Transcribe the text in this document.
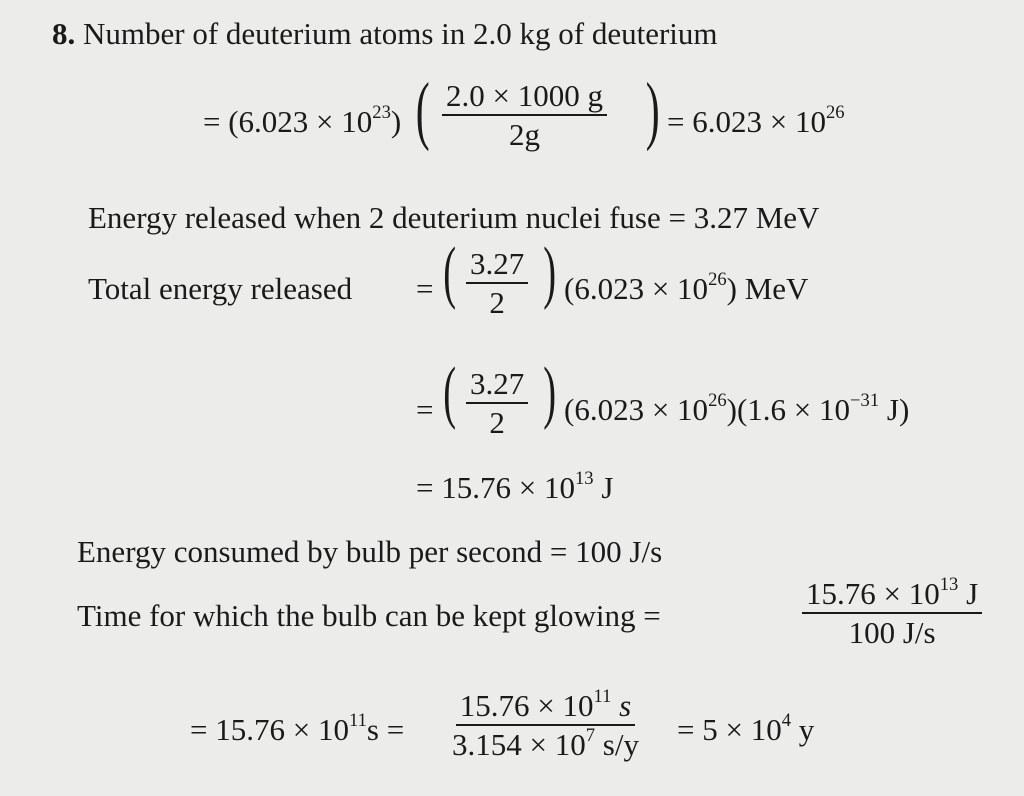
8. Number of deuterium atoms in 2.0 kg of deuterium
= $(6.023 \times 10^{23})$ ( $\frac{2.0 \times 1000 g}{2g}$ ) = $6.023 \times 10^{26}$
Energy released when 2 deuterium nuclei fuse = 3.27 MeV
Total energy released = ( $\frac{3.27}{2}$ ) $(6.023 \times 10^{26})$ MeV
= ( $\frac{3.27}{2}$ ) $(6.023 \times 10^{26})(1.6 \times 10^{-31}$ J)
= $15.76 \times 10^{13}$ J
Energy consumed by bulb per second = 100 J/s
Time for which the bulb can be kept glowing =	$\frac{15.76 \times 10^{13} J}{100 J/s}$
= $15.76 \times 10^{11}s = \frac{15.76 \times 10^{11} s}{3.154 \times 10^7 s/y} = 5 \times 10^4$ y
